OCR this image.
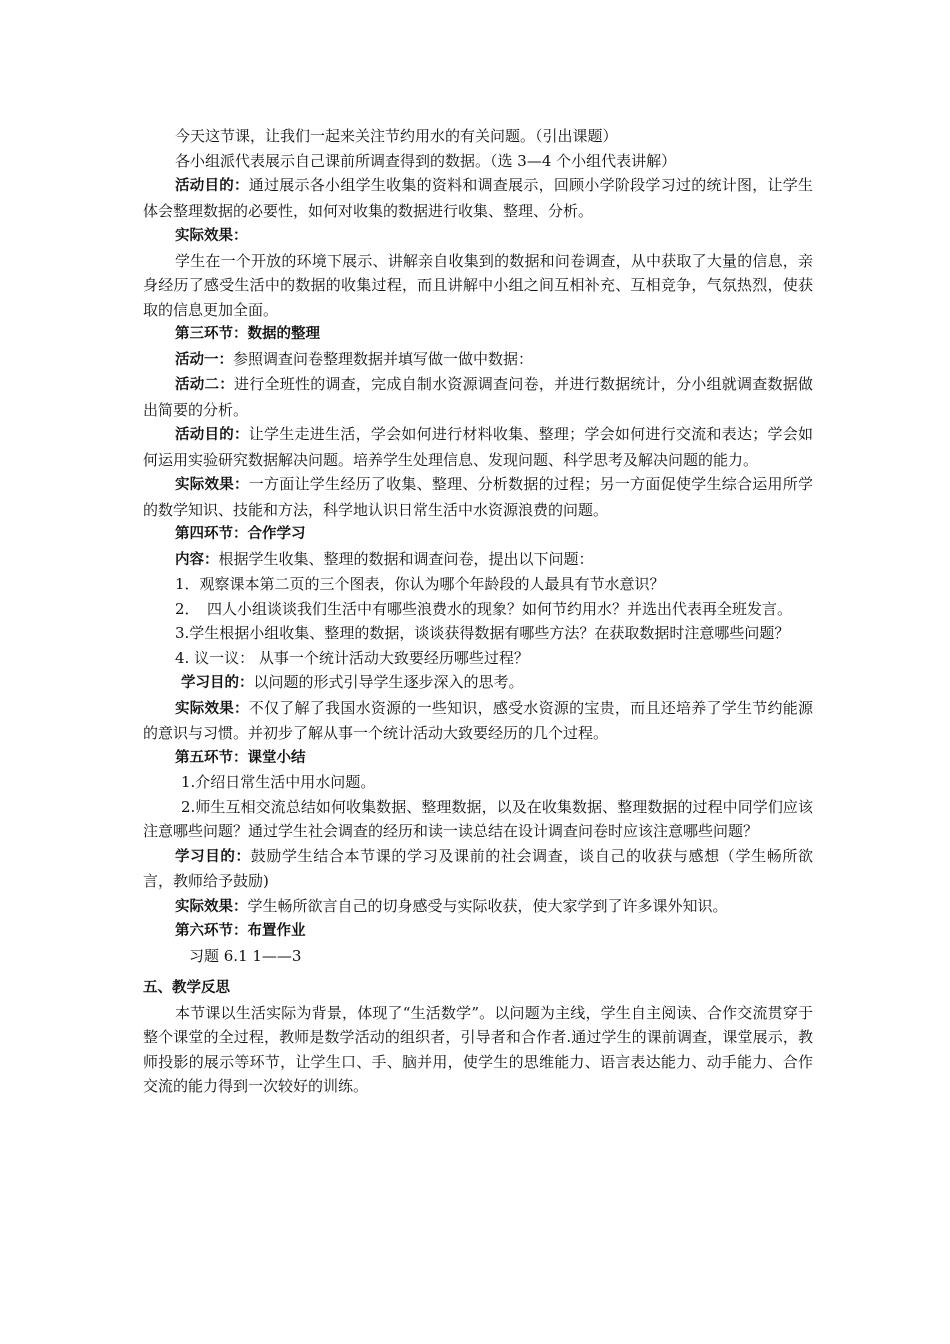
今天这节课，让我们一起来关注节约用水的有关问题。（引出课题）

各小组派代表展示自己课前所调查得到的数据。（选 3—4 个小组代表讲解）

活动目的：通过展示各小组学生收集的资料和调查展示，回顾小学阶段学习过的统计图，让学生体会整理数据的必要性，如何对收集的数据进行收集、整理、分析。

实际效果：

学生在一个开放的环境下展示、讲解亲自收集到的数据和问卷调查，从中获取了大量的信息，亲身经历了感受生活中的数据的收集过程，而且讲解中小组之间互相补充、互相竞争，气氛热烈，使获取的信息更加全面。

第三环节：数据的整理

活动一：参照调查问卷整理数据并填写做一做中数据：

活动二：进行全班性的调查，完成自制水资源调查问卷，并进行数据统计，分小组就调查数据做出简要的分析。

活动目的：让学生走进生活，学会如何进行材料收集、整理；学会如何进行交流和表达；学会如何运用实验研究数据解决问题。培养学生处理信息、发现问题、科学思考及解决问题的能力。

实际效果：一方面让学生经历了收集、整理、分析数据的过程；另一方面促使学生综合运用所学的数学知识、技能和方法，科学地认识日常生活中水资源浪费的问题。

第四环节：合作学习

内容：根据学生收集、整理的数据和调查问卷，提出以下问题：

1．观察课本第二页的三个图表，你认为哪个年龄段的人最具有节水意识？

2．　四人小组谈谈我们生活中有哪些浪费水的现象？如何节约用水？并选出代表再全班发言。

3.学生根据小组收集、整理的数据，谈谈获得数据有哪些方法？在获取数据时注意哪些问题？

4. 议一议： 从事一个统计活动大致要经历哪些过程？

学习目的：以问题的形式引导学生逐步深入的思考。

实际效果：不仅了解了我国水资源的一些知识，感受水资源的宝贵，而且还培养了学生节约能源的意识与习惯。并初步了解从事一个统计活动大致要经历的几个过程。

第五环节：课堂小结

1.介绍日常生活中用水问题。

2.师生互相交流总结如何收集数据、整理数据，以及在收集数据、整理数据的过程中同学们应该注意哪些问题？通过学生社会调查的经历和读一读总结在设计调查问卷时应该注意哪些问题？

学习目的：鼓励学生结合本节课的学习及课前的社会调查，谈自己的收获与感想（学生畅所欲言，教师给予鼓励)

实际效果：学生畅所欲言自己的切身感受与实际收获，使大家学到了许多课外知识。

第六环节：布置作业

习题 6.1 1——3

五、教学反思

本节课以生活实际为背景，体现了“生活数学”。以问题为主线，学生自主阅读、合作交流贯穿于整个课堂的全过程，教师是数学活动的组织者，引导者和合作者.通过学生的课前调查，课堂展示，教师投影的展示等环节，让学生口、手、脑并用，使学生的思维能力、语言表达能力、动手能力、合作交流的能力得到一次较好的训练。
